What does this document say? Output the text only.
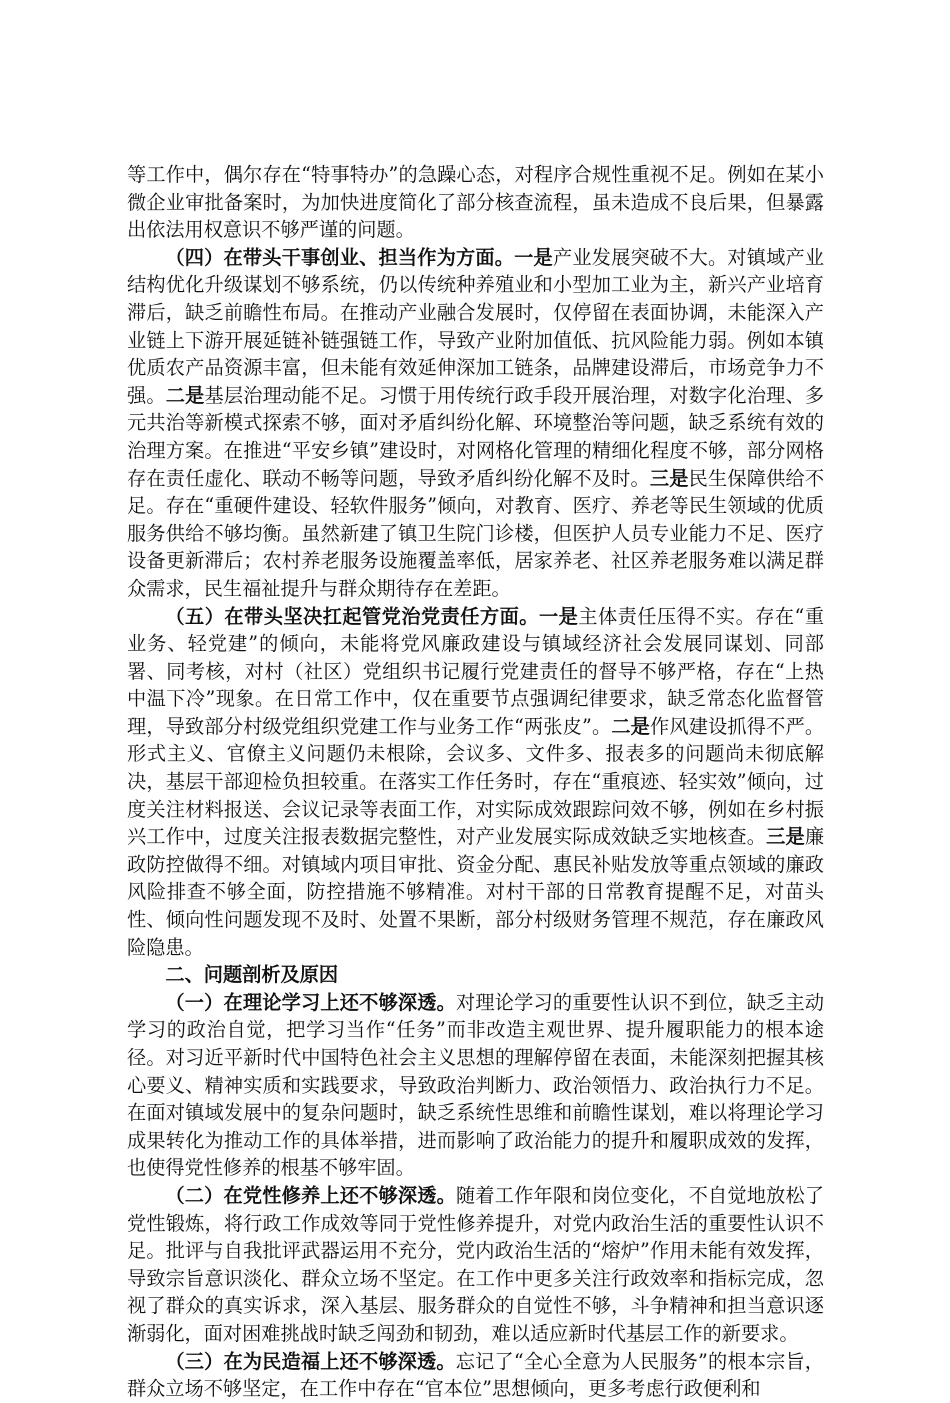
等工作中，偶尔存在“特事特办”的急躁心态，对程序合规性重视不足。例如在某小微企业审批备案时，为加快进度简化了部分核查流程，虽未造成不良后果，但暴露出依法用权意识不够严谨的问题。

（四）在带头干事创业、担当作为方面。一是产业发展突破不大。对镇域产业结构优化升级谋划不够系统，仍以传统种养殖业和小型加工业为主，新兴产业培育滞后，缺乏前瞻性布局。在推动产业融合发展时，仅停留在表面协调，未能深入产业链上下游开展延链补链强链工作，导致产业附加值低、抗风险能力弱。例如本镇优质农产品资源丰富，但未能有效延伸深加工链条，品牌建设滞后，市场竞争力不强。二是基层治理动能不足。习惯于用传统行政手段开展治理，对数字化治理、多元共治等新模式探索不够，面对矛盾纠纷化解、环境整治等问题，缺乏系统有效的治理方案。在推进“平安乡镇”建设时，对网格化管理的精细化程度不够，部分网格存在责任虚化、联动不畅等问题，导致矛盾纠纷化解不及时。三是民生保障供给不足。存在“重硬件建设、轻软件服务”倾向，对教育、医疗、养老等民生领域的优质服务供给不够均衡。虽然新建了镇卫生院门诊楼，但医护人员专业能力不足、医疗设备更新滞后；农村养老服务设施覆盖率低，居家养老、社区养老服务难以满足群众需求，民生福祉提升与群众期待存在差距。

（五）在带头坚决扛起管党治党责任方面。一是主体责任压得不实。存在“重业务、轻党建”的倾向，未能将党风廉政建设与镇域经济社会发展同谋划、同部署、同考核，对村（社区）党组织书记履行党建责任的督导不够严格，存在“上热中温下冷”现象。在日常工作中，仅在重要节点强调纪律要求，缺乏常态化监督管理，导致部分村级党组织党建工作与业务工作“两张皮”。二是作风建设抓得不严。形式主义、官僚主义问题仍未根除，会议多、文件多、报表多的问题尚未彻底解决，基层干部迎检负担较重。在落实工作任务时，存在“重痕迹、轻实效”倾向，过度关注材料报送、会议记录等表面工作，对实际成效跟踪问效不够，例如在乡村振兴工作中，过度关注报表数据完整性，对产业发展实际成效缺乏实地核查。三是廉政防控做得不细。对镇域内项目审批、资金分配、惠民补贴发放等重点领域的廉政风险排查不够全面，防控措施不够精准。对村干部的日常教育提醒不足，对苗头性、倾向性问题发现不及时、处置不果断，部分村级财务管理不规范，存在廉政风险隐患。

二、问题剖析及原因

（一）在理论学习上还不够深透。对理论学习的重要性认识不到位，缺乏主动学习的政治自觉，把学习当作“任务”而非改造主观世界、提升履职能力的根本途径。对习近平新时代中国特色社会主义思想的理解停留在表面，未能深刻把握其核心要义、精神实质和实践要求，导致政治判断力、政治领悟力、政治执行力不足。在面对镇域发展中的复杂问题时，缺乏系统性思维和前瞻性谋划，难以将理论学习成果转化为推动工作的具体举措，进而影响了政治能力的提升和履职成效的发挥，也使得党性修养的根基不够牢固。

（二）在党性修养上还不够深透。随着工作年限和岗位变化，不自觉地放松了党性锻炼，将行政工作成效等同于党性修养提升，对党内政治生活的重要性认识不足。批评与自我批评武器运用不充分，党内政治生活的“熔炉”作用未能有效发挥，导致宗旨意识淡化、群众立场不坚定。在工作中更多关注行政效率和指标完成，忽视了群众的真实诉求，深入基层、服务群众的自觉性不够，斗争精神和担当意识逐渐弱化，面对困难挑战时缺乏闯劲和韧劲，难以适应新时代基层工作的新要求。

（三）在为民造福上还不够深透。忘记了“全心全意为人民服务”的根本宗旨，群众立场不够坚定，在工作中存在“官本位”思想倾向，更多考虑行政便利和
